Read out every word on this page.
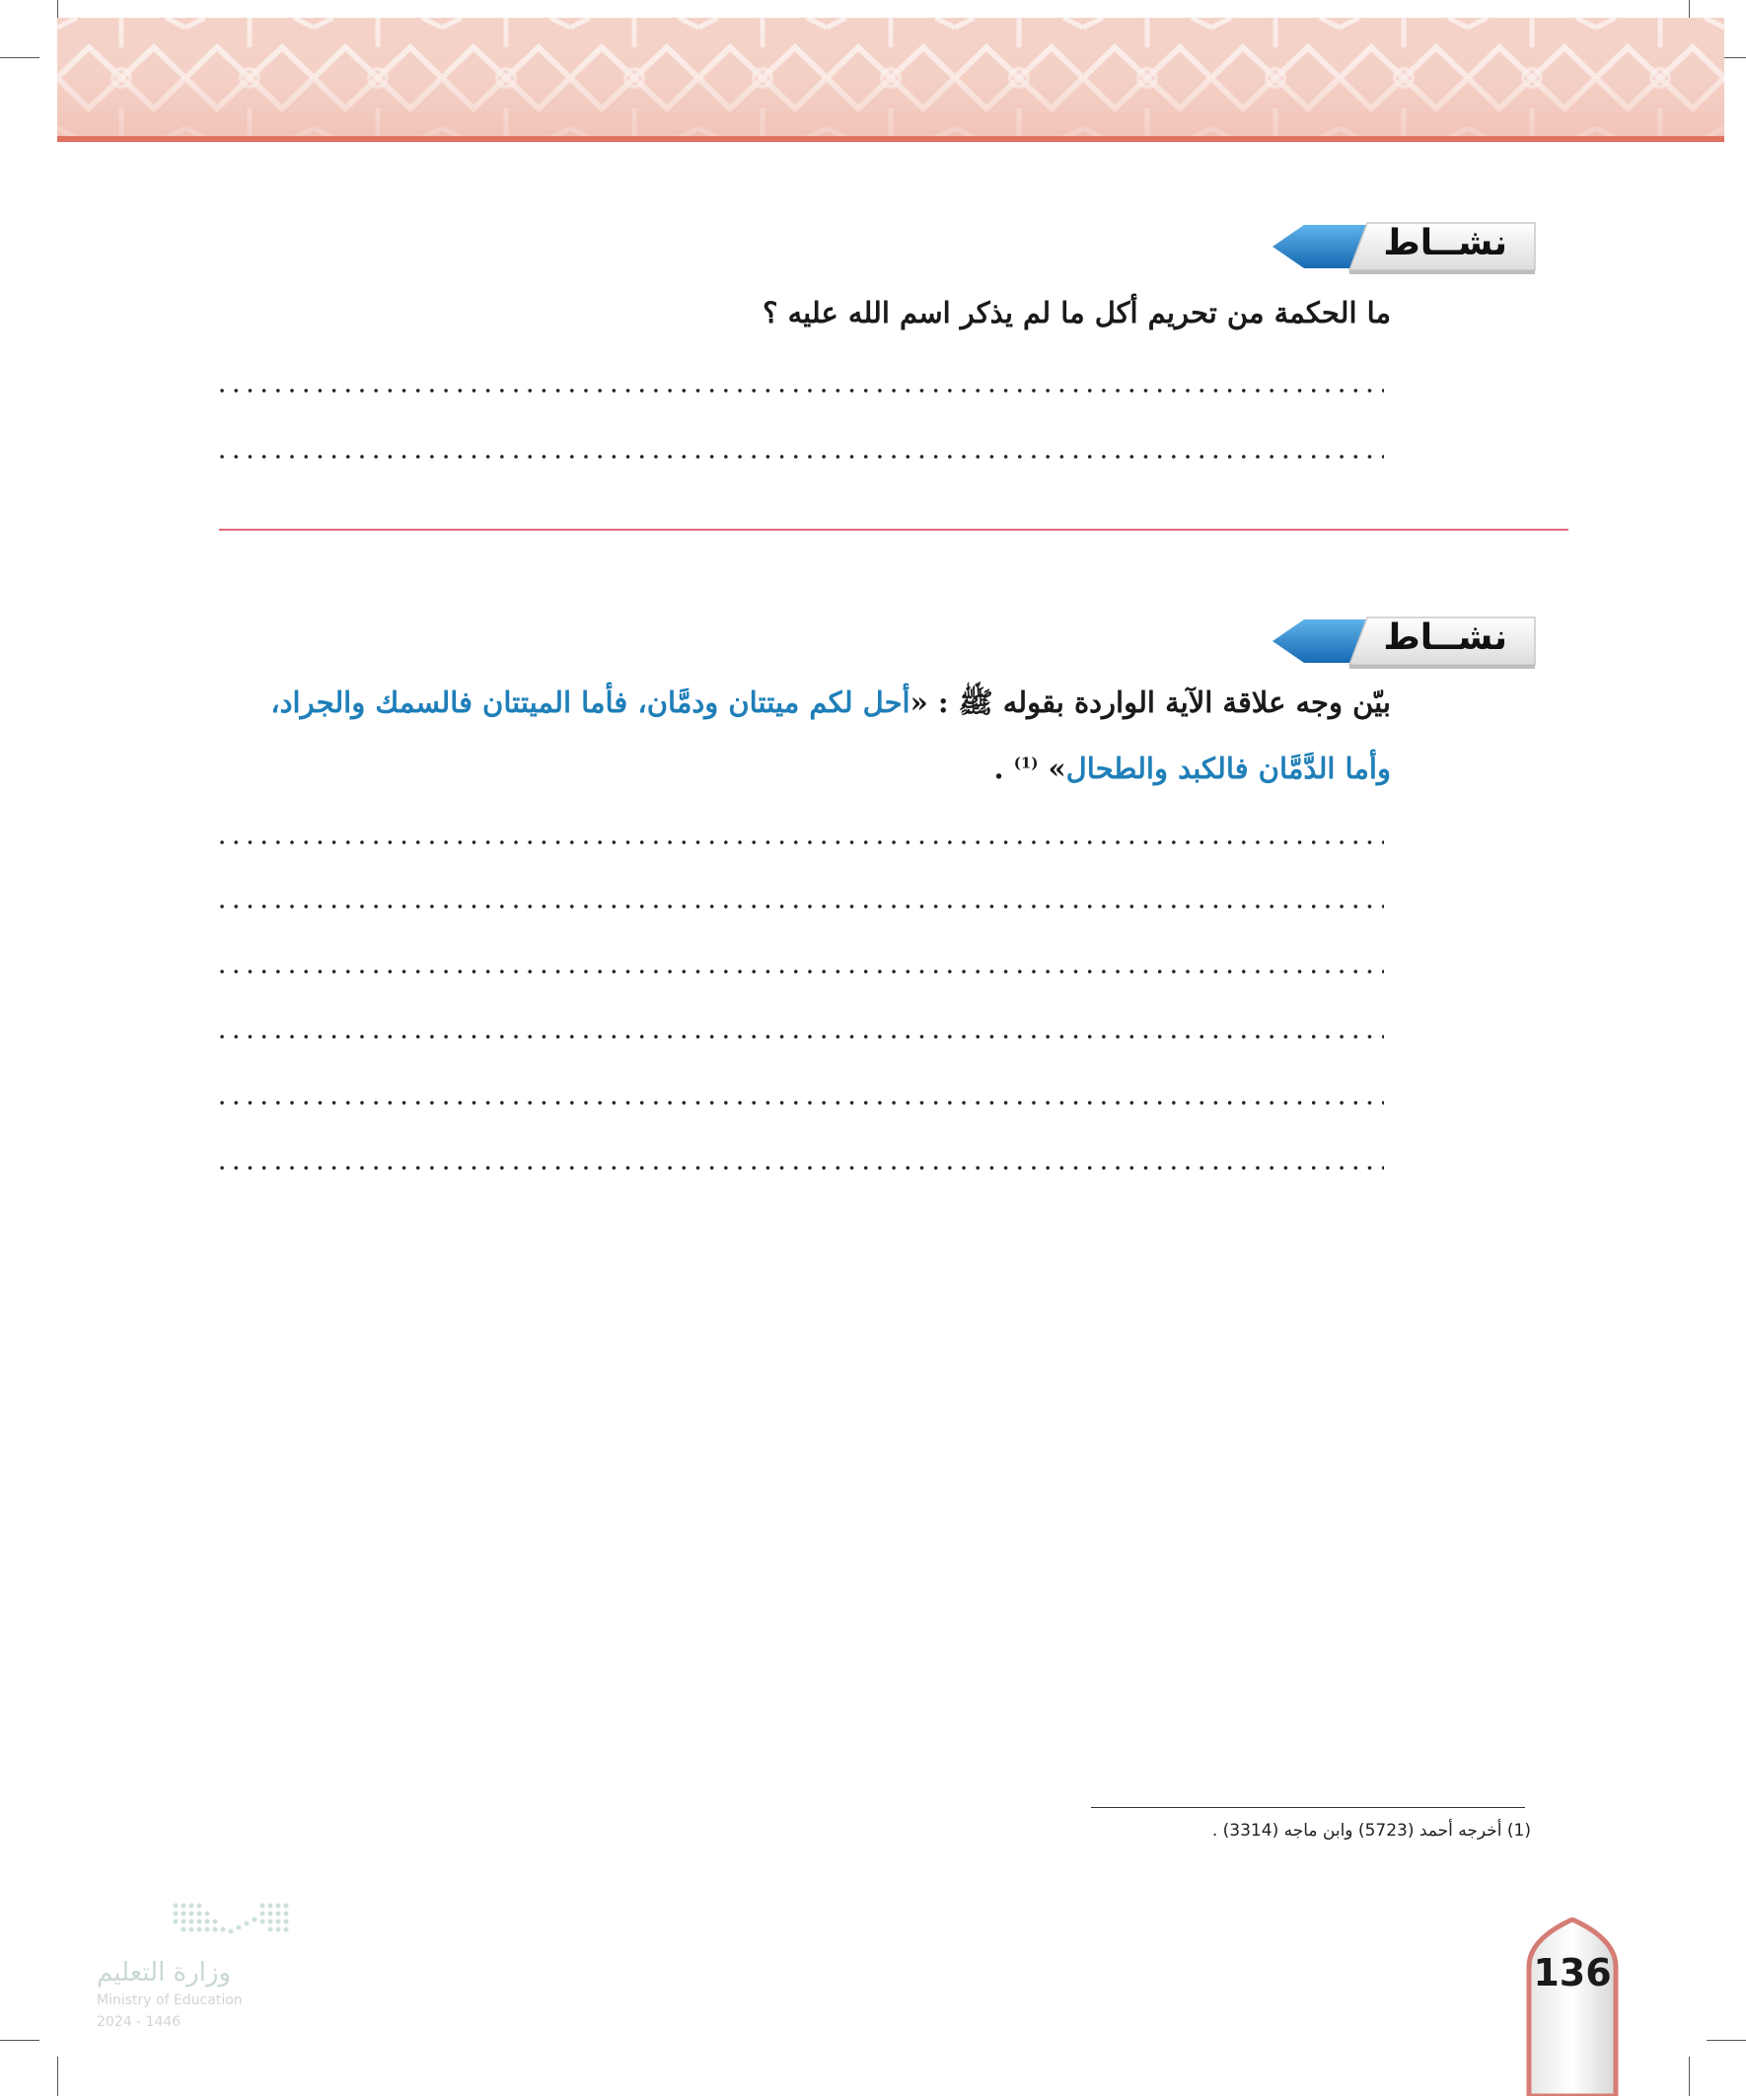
نشــاط
ما الحكمة من تحريم أكل ما لم يذكر اسم الله عليه ؟
نشــاط
بيّن وجه علاقة الآية الواردة بقوله ﷺ : «أحل لكم ميتتان ودمَّان، فأما الميتتان فالسمك والجراد،
وأما الدَّمَّان فالكبد والطحال» $^{(1)}$ .
(1) أخرجه أحمد (5723) وابن ماجه (3314) .
وزارة التعليم
Ministry of Education
2024 - 1446
136
